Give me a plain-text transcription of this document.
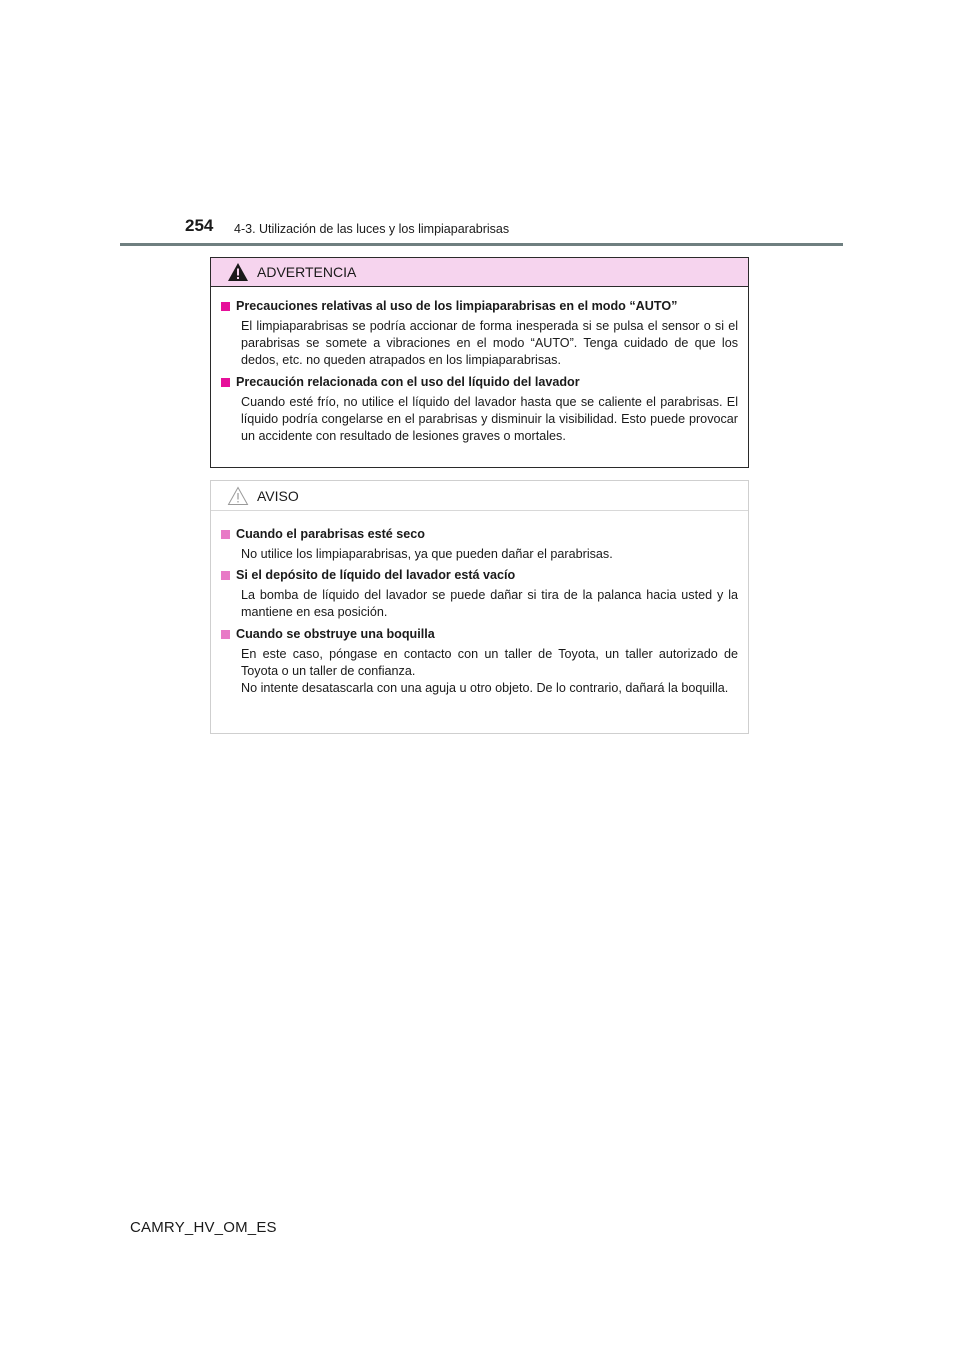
254 4-3. Utilización de las luces y los limpiaparabrisas
ADVERTENCIA
Precauciones relativas al uso de los limpiaparabrisas en el modo “AUTO”
El limpiaparabrisas se podría accionar de forma inesperada si se pulsa el sensor o si el parabrisas se somete a vibraciones en el modo “AUTO”. Tenga cuidado de que los dedos, etc. no queden atrapados en los limpiaparabrisas.
Precaución relacionada con el uso del líquido del lavador
Cuando esté frío, no utilice el líquido del lavador hasta que se caliente el parabrisas. El líquido podría congelarse en el parabrisas y disminuir la visibilidad. Esto puede provocar un accidente con resultado de lesiones graves o mortales.
AVISO
Cuando el parabrisas esté seco
No utilice los limpiaparabrisas, ya que pueden dañar el parabrisas.
Si el depósito de líquido del lavador está vacío
La bomba de líquido del lavador se puede dañar si tira de la palanca hacia usted y la mantiene en esa posición.
Cuando se obstruye una boquilla
En este caso, póngase en contacto con un taller de Toyota, un taller autorizado de Toyota o un taller de confianza.
No intente desatascarla con una aguja u otro objeto. De lo contrario, dañará la boquilla.
CAMRY_HV_OM_ES
